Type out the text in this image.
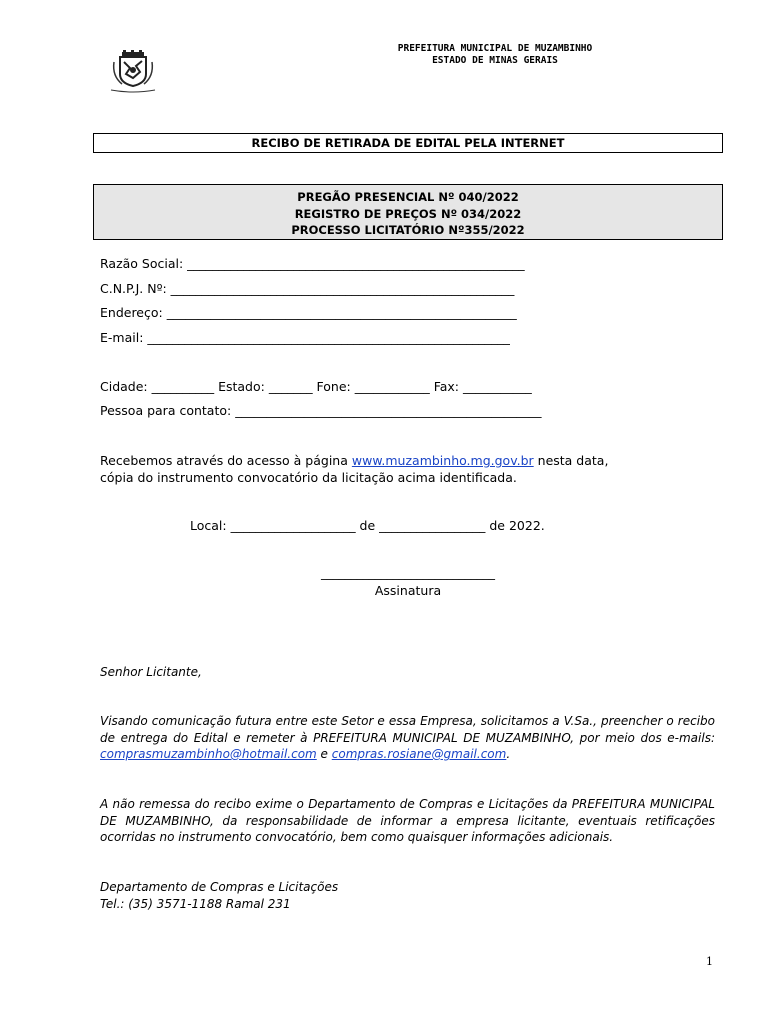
PREFEITURA MUNICIPAL DE MUZAMBINHO
ESTADO DE MINAS GERAIS
RECIBO DE RETIRADA DE EDITAL PELA INTERNET
PREGÃO PRESENCIAL Nº 040/2022
REGISTRO DE PREÇOS Nº 034/2022
PROCESSO LICITATÓRIO Nº355/2022
Razão Social: ______________________________________________________
C.N.P.J. Nº: _______________________________________________________
Endereço: ________________________________________________________
E-mail: __________________________________________________________
Cidade: __________ Estado: _______ Fone: ____________ Fax: ___________
Pessoa para contato: _________________________________________________
Recebemos através do acesso à página www.muzambinho.mg.gov.br nesta data,
cópia do instrumento convocatório da licitação acima identificada.
Local: ____________________ de _________________ de 2022.
_____________________________
Assinatura
Senhor Licitante,
Visando comunicação futura entre este Setor e essa Empresa, solicitamos a V.Sa., preencher o recibo de entrega do Edital e remeter à PREFEITURA MUNICIPAL DE MUZAMBINHO, por meio dos e-mails: comprasmuzambinho@hotmail.com e compras.rosiane@gmail.com.
A não remessa do recibo exime o Departamento de Compras e Licitações da PREFEITURA MUNICIPAL DE MUZAMBINHO, da responsabilidade de informar a empresa licitante, eventuais retificações ocorridas no instrumento convocatório, bem como quaisquer informações adicionais.
Departamento de Compras e Licitações
Tel.: (35) 3571-1188 Ramal 231
1
